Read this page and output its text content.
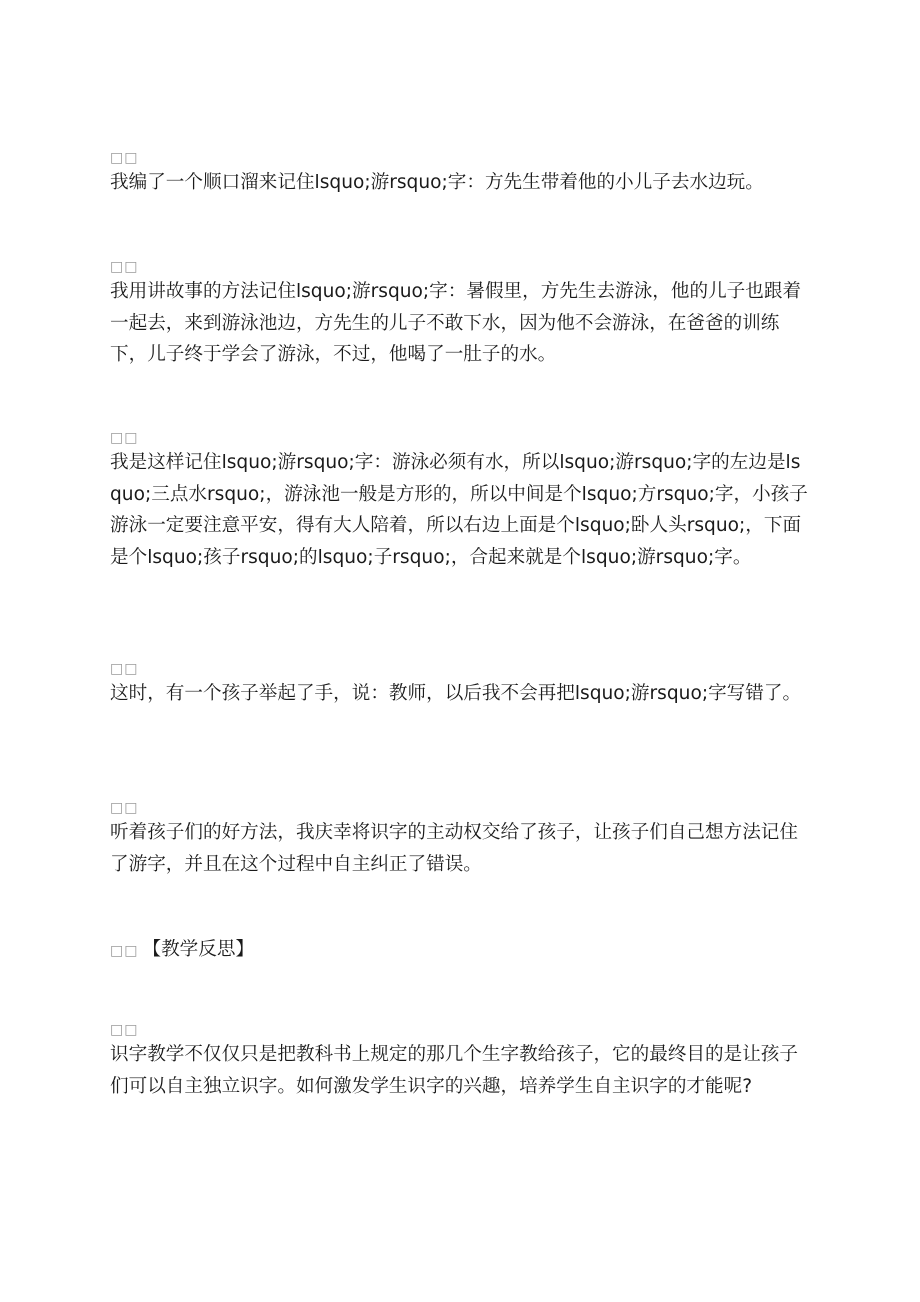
□□

我编了一个顺口溜来记住lsquo;游rsquo;字：方先生带着他的小儿子去水边玩。

□□

我用讲故事的方法记住lsquo;游rsquo;字：暑假里，方先生去游泳，他的儿子也跟着一起去，来到游泳池边，方先生的儿子不敢下水，因为他不会游泳，在爸爸的训练下，儿子终于学会了游泳，不过，他喝了一肚子的水。

□□

我是这样记住lsquo;游rsquo;字：游泳必须有水，所以lsquo;游rsquo;字的左边是lsquo;三点水rsquo;，游泳池一般是方形的，所以中间是个lsquo;方rsquo;字，小孩子游泳一定要注意平安，得有大人陪着，所以右边上面是个lsquo;卧人头rsquo;，下面是个lsquo;孩子rsquo;的lsquo;子rsquo;，合起来就是个lsquo;游rsquo;字。

□□

这时，有一个孩子举起了手，说：教师，以后我不会再把lsquo;游rsquo;字写错了。

□□

听着孩子们的好方法，我庆幸将识字的主动权交给了孩子，让孩子们自己想方法记住了游字，并且在这个过程中自主纠正了错误。

□□ 【教学反思】
□□

识字教学不仅仅只是把教科书上规定的那几个生字教给孩子，它的最终目的是让孩子们可以自主独立识字。如何激发学生识字的兴趣，培养学生自主识字的才能呢?
